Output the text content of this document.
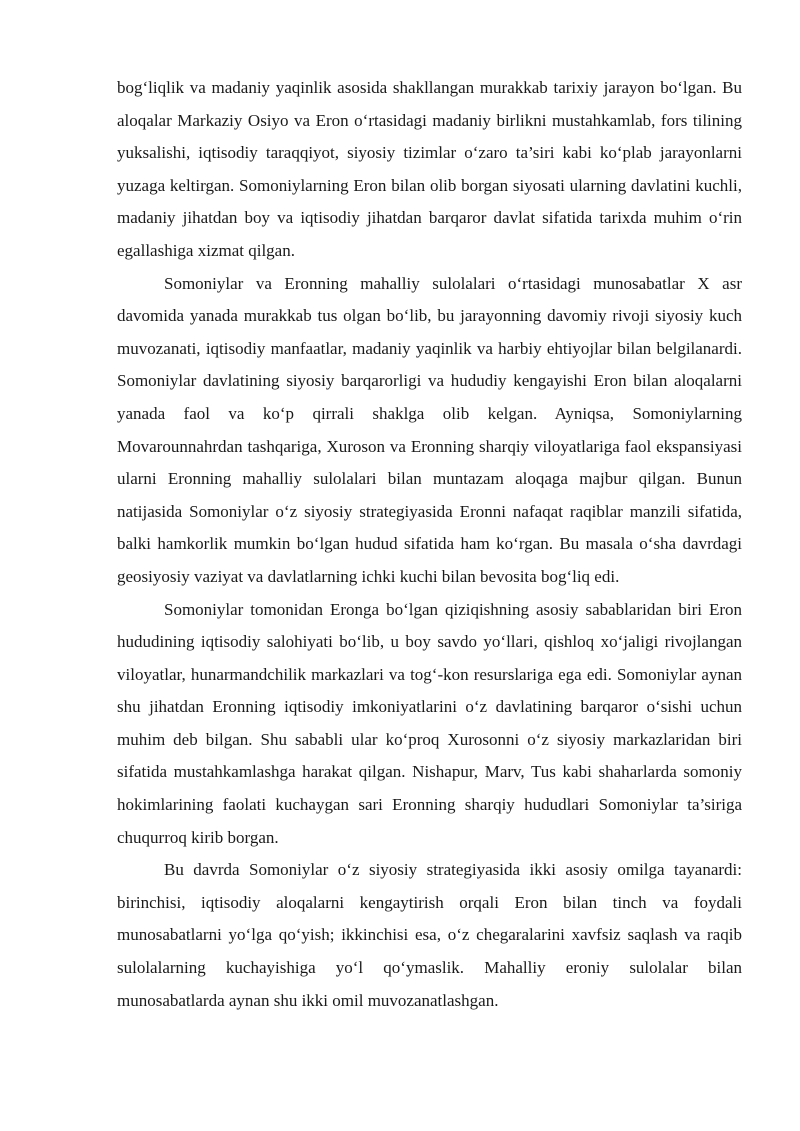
bog‘liqlik va madaniy yaqinlik asosida shakllangan murakkab tarixiy jarayon bo‘lgan. Bu aloqalar Markaziy Osiyo va Eron o‘rtasidagi madaniy birlikni mustahkamlab, fors tilining yuksalishi, iqtisodiy taraqqiyot, siyosiy tizimlar o‘zaro ta’siri kabi ko‘plab jarayonlarni yuzaga keltirgan. Somoniylarning Eron bilan olib borgan siyosati ularning davlatini kuchli, madaniy jihatdan boy va iqtisodiy jihatdan barqaror davlat sifatida tarixda muhim o‘rin egallashiga xizmat qilgan.

Somoniylar va Eronning mahalliy sulolalari o‘rtasidagi munosabatlar X asr davomida yanada murakkab tus olgan bo‘lib, bu jarayonning davomiy rivoji siyosiy kuch muvozanati, iqtisodiy manfaatlar, madaniy yaqinlik va harbiy ehtiyojlar bilan belgilanardi. Somoniylar davlatining siyosiy barqarorligi va hududiy kengayishi Eron bilan aloqalarni yanada faol va ko‘p qirrali shaklga olib kelgan. Ayniqsa, Somoniylarning Movarounnahrdan tashqariga, Xuroson va Eronning sharqiy viloyatlariga faol ekspansiyasi ularni Eronning mahalliy sulolalari bilan muntazam aloqaga majbur qilgan. Bunun natijasida Somoniylar o‘z siyosiy strategiyasida Eronni nafaqat raqiblar manzili sifatida, balki hamkorlik mumkin bo‘lgan hudud sifatida ham ko‘rgan. Bu masala o‘sha davrdagi geosiyosiy vaziyat va davlatlarning ichki kuchi bilan bevosita bog‘liq edi.

Somoniylar tomonidan Eronga bo‘lgan qiziqishning asosiy sabablaridan biri Eron hududining iqtisodiy salohiyati bo‘lib, u boy savdo yo‘llari, qishloq xo‘jaligi rivojlangan viloyatlar, hunarmandchilik markazlari va tog‘-kon resurslariga ega edi. Somoniylar aynan shu jihatdan Eronning iqtisodiy imkoniyatlarini o‘z davlatining barqaror o‘sishi uchun muhim deb bilgan. Shu sababli ular ko‘proq Xurosonni o‘z siyosiy markazlaridan biri sifatida mustahkamlashga harakat qilgan. Nishapur, Marv, Tus kabi shaharlarda somoniy hokimlarining faolati kuchaygan sari Eronning sharqiy hududlari Somoniylar ta’siriga chuqurroq kirib borgan.

Bu davrda Somoniylar o‘z siyosiy strategiyasida ikki asosiy omilga tayanardi: birinchisi, iqtisodiy aloqalarni kengaytirish orqali Eron bilan tinch va foydali munosabatlarni yo‘lga qo‘yish; ikkinchisi esa, o‘z chegaralarini xavfsiz saqlash va raqib sulolalarning kuchayishiga yo‘l qo‘ymaslik. Mahalliy eroniy sulolalar bilan munosabatlarda aynan shu ikki omil muvozanatlashgan.
